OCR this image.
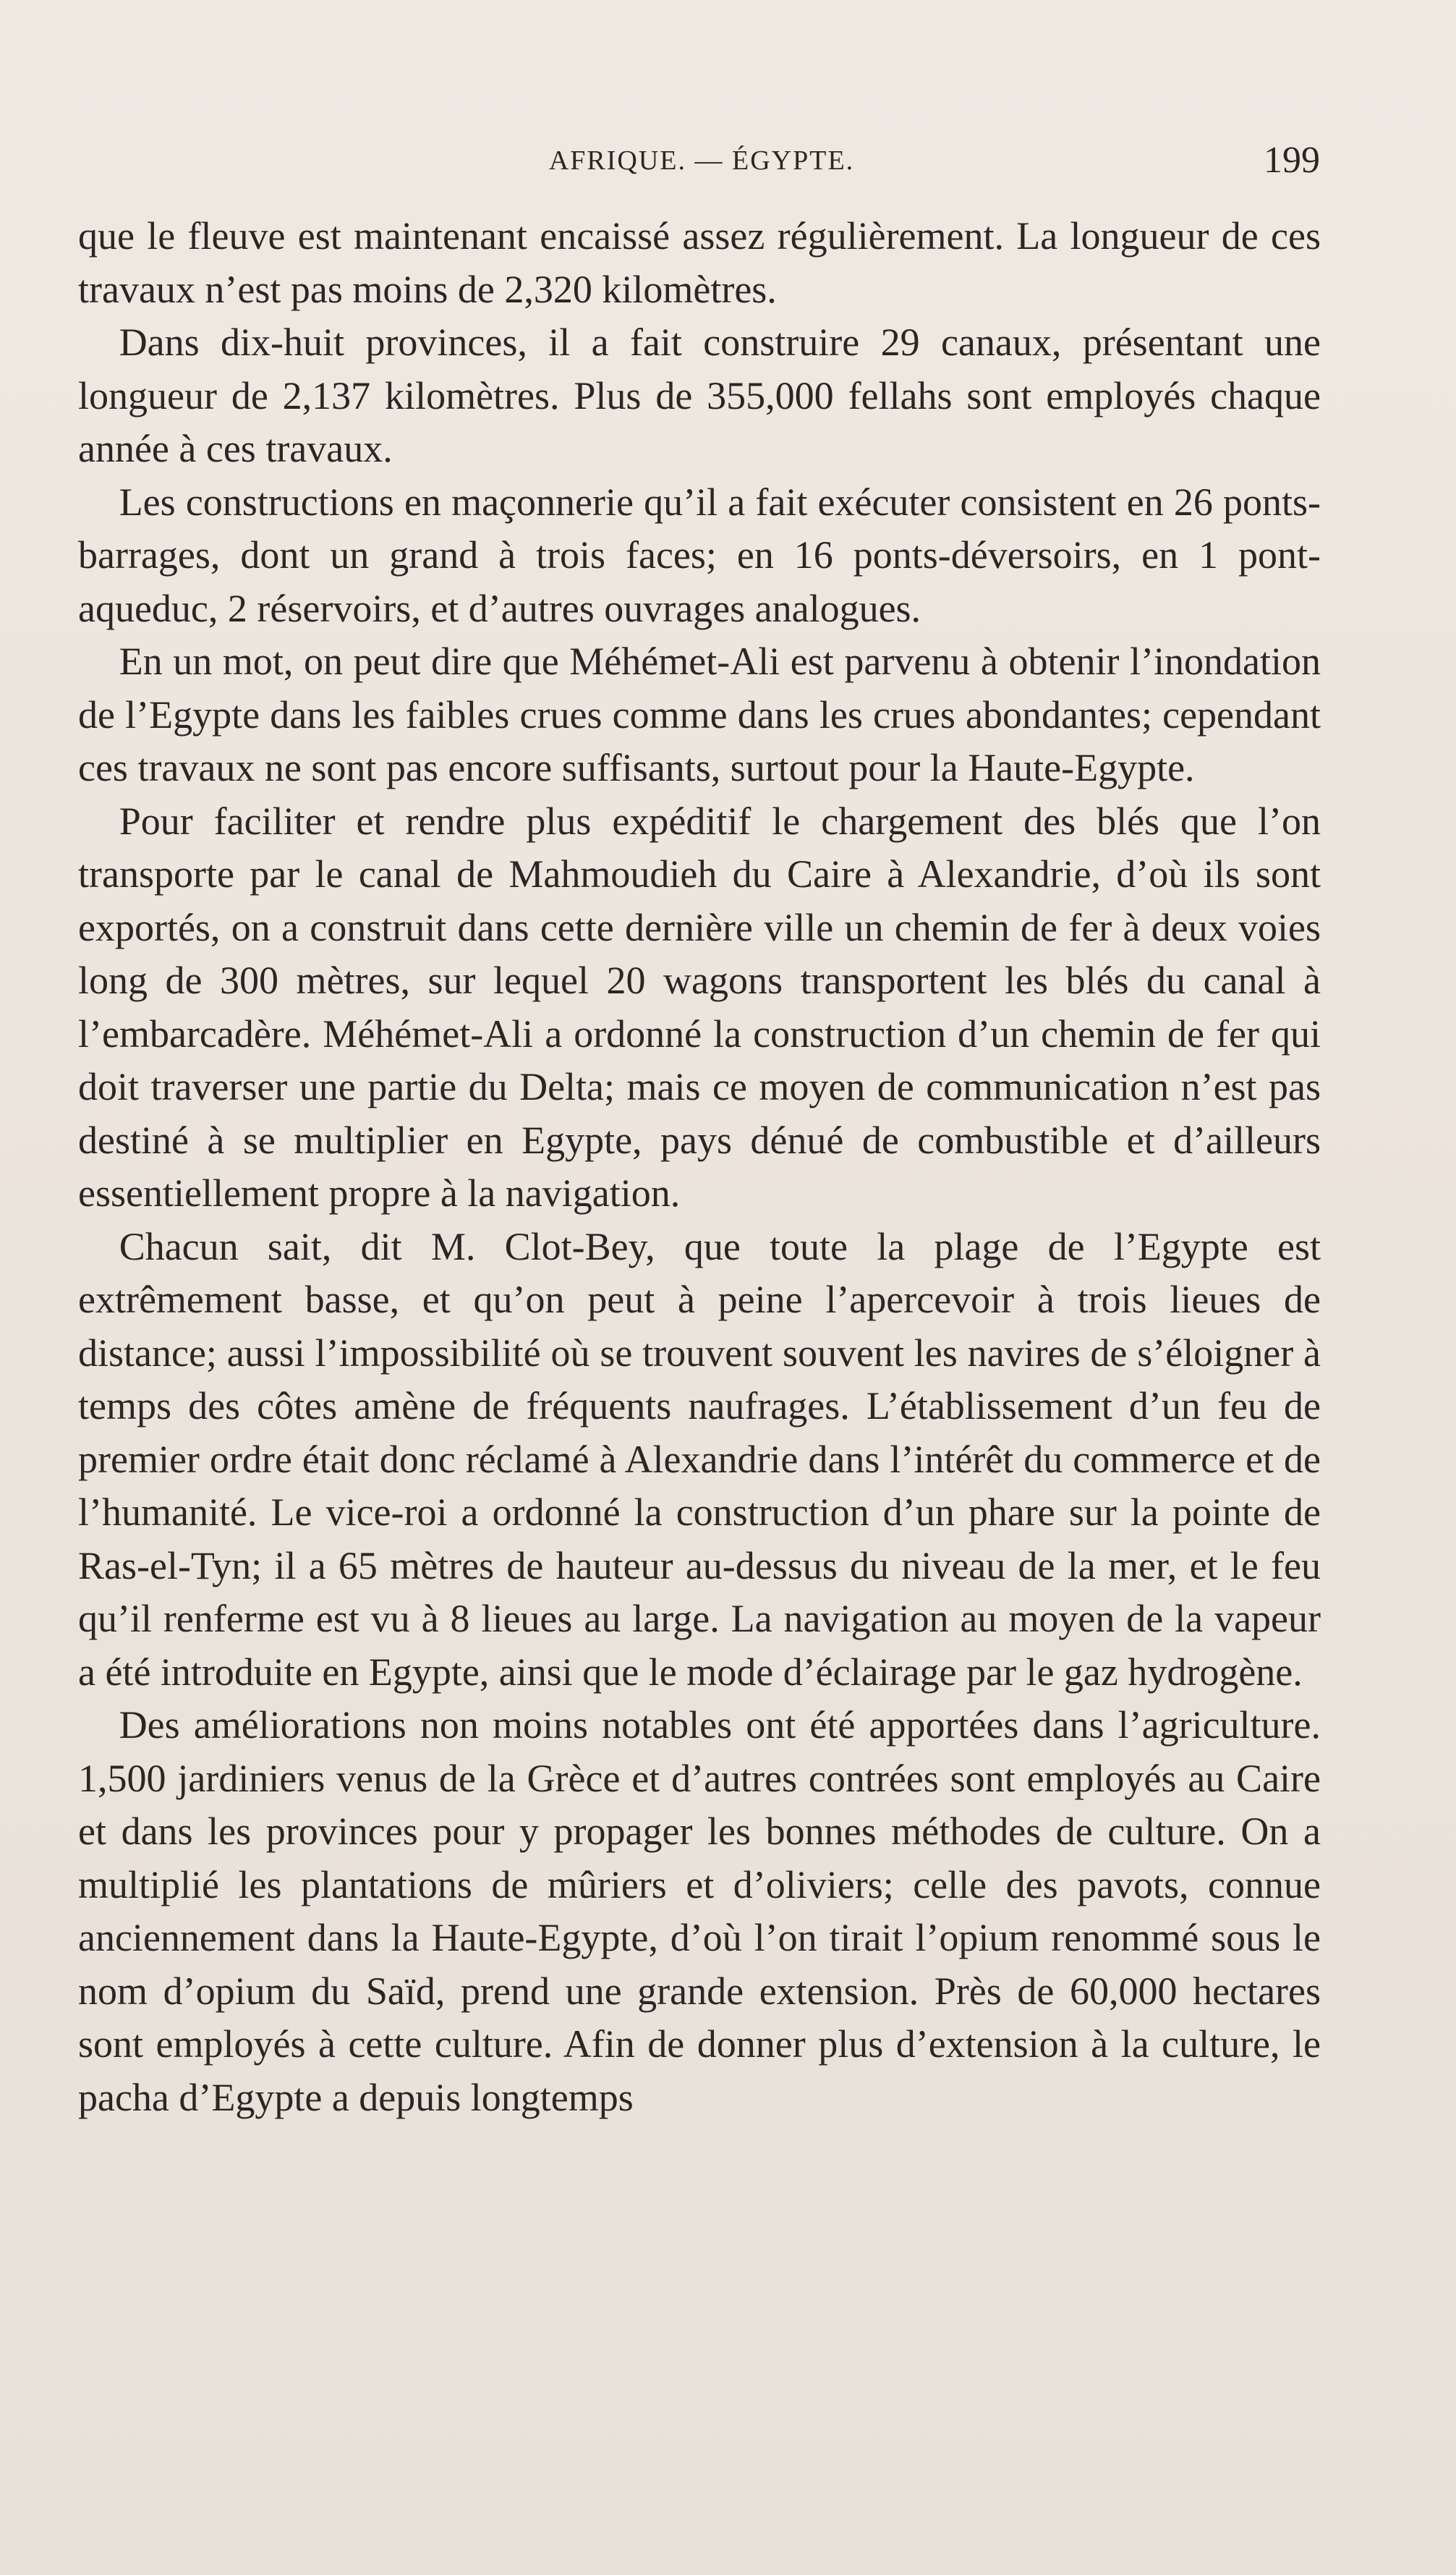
AFRIQUE. — ÉGYPTE.	199

que le fleuve est maintenant encaissé assez régulièrement. La longueur de ces travaux n’est pas moins de 2,320 kilomètres.

Dans dix-huit provinces, il a fait construire 29 canaux, présentant une longueur de 2,137 kilomètres. Plus de 355,000 fellahs sont employés chaque année à ces travaux.

Les constructions en maçonnerie qu’il a fait exécuter consistent en 26 ponts-barrages, dont un grand à trois faces; en 16 ponts-déversoirs, en 1 pont-aqueduc, 2 réservoirs, et d’autres ouvrages analogues.

En un mot, on peut dire que Méhémet-Ali est parvenu à obtenir l’inondation de l’Egypte dans les faibles crues comme dans les crues abondantes; cependant ces travaux ne sont pas encore suffisants, surtout pour la Haute-Egypte.

Pour faciliter et rendre plus expéditif le chargement des blés que l’on transporte par le canal de Mahmoudieh du Caire à Alexandrie, d’où ils sont exportés, on a construit dans cette dernière ville un chemin de fer à deux voies long de 300 mètres, sur lequel 20 wagons transportent les blés du canal à l’embarcadère. Méhémet-Ali a ordonné la construction d’un chemin de fer qui doit traverser une partie du Delta; mais ce moyen de communication n’est pas destiné à se multiplier en Egypte, pays dénué de combustible et d’ailleurs essentiellement propre à la navigation.

Chacun sait, dit M. Clot-Bey, que toute la plage de l’Egypte est extrêmement basse, et qu’on peut à peine l’apercevoir à trois lieues de distance; aussi l’impossibilité où se trouvent souvent les navires de s’éloigner à temps des côtes amène de fréquents naufrages. L’établissement d’un feu de premier ordre était donc réclamé à Alexandrie dans l’intérêt du commerce et de l’humanité. Le vice-roi a ordonné la construction d’un phare sur la pointe de Ras-el-Tyn; il a 65 mètres de hauteur au-dessus du niveau de la mer, et le feu qu’il renferme est vu à 8 lieues au large. La navigation au moyen de la vapeur a été introduite en Egypte, ainsi que le mode d’éclairage par le gaz hydrogène.

Des améliorations non moins notables ont été apportées dans l’agriculture. 1,500 jardiniers venus de la Grèce et d’autres contrées sont employés au Caire et dans les provinces pour y propager les bonnes méthodes de culture. On a multiplié les plantations de mûriers et d’oliviers; celle des pavots, connue anciennement dans la Haute-Egypte, d’où l’on tirait l’opium renommé sous le nom d’opium du Saïd, prend une grande extension. Près de 60,000 hectares sont employés à cette culture. Afin de donner plus d’extension à la culture, le pacha d’Egypte a depuis longtemps
